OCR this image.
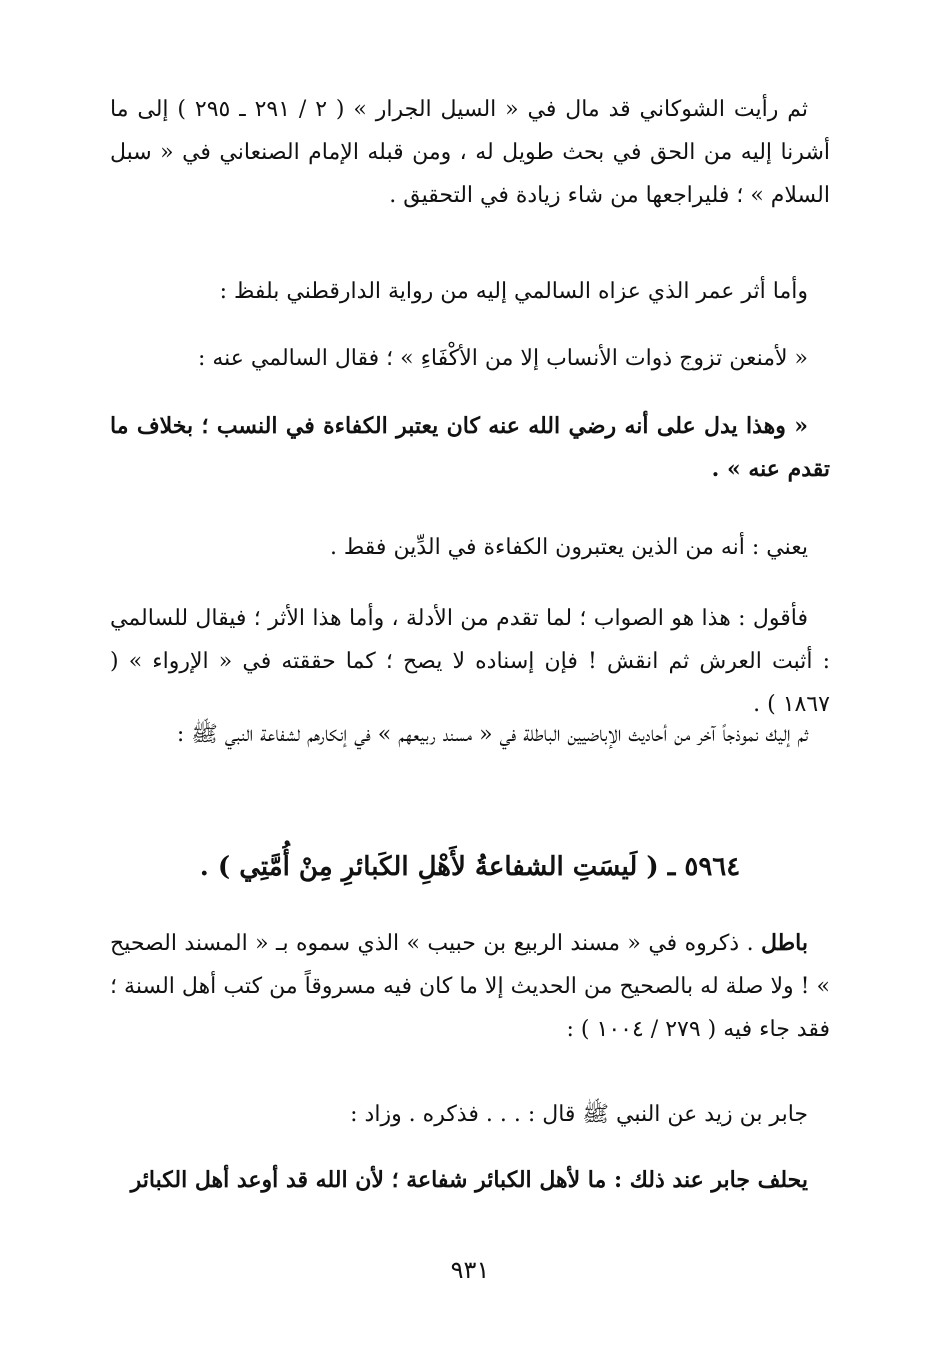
ثم رأيت الشوكاني قد مال في « السيل الجرار » ( ٢ / ٢٩١ ـ ٢٩٥ ) إلى ما أشرنا إليه من الحق في بحث طويل له ، ومن قبله الإمام الصنعاني في « سبل السلام » ؛ فليراجعها من شاء زيادة في التحقيق .

وأما أثر عمر الذي عزاه السالمي إليه من رواية الدارقطني بلفظ :

« لأمنعن تزوج ذوات الأنساب إلا من الأكْفَاءِ » ؛ فقال السالمي عنه :

« وهذا يدل على أنه رضي الله عنه كان يعتبر الكفاءة في النسب ؛ بخلاف ما تقدم عنه » .

يعني : أنه من الذين يعتبرون الكفاءة في الدِّين فقط .

فأقول : هذا هو الصواب ؛ لما تقدم من الأدلة ، وأما هذا الأثر ؛ فيقال للسالمي : أثبت العرش ثم انقش ! فإن إسناده لا يصح ؛ كما حققته في « الإرواء » ( ١٨٦٧ ) .

ثم إليك نموذجاً آخر من أحاديث الإباضيين الباطلة في « مسند ربيعهم » في إنكارهم لشفاعة النبي ﷺ :

٥٩٦٤ ـ ( لَيسَتِ الشفاعةُ لأَهْلِ الكَبائرِ مِنْ أُمَّتِي ) .

باطل . ذكروه في « مسند الربيع بن حبيب » الذي سموه بـ « المسند الصحيح » ! ولا صلة له بالصحيح من الحديث إلا ما كان فيه مسروقاً من كتب أهل السنة ؛ فقد جاء فيه ( ٢٧٩ / ١٠٠٤ ) :

جابر بن زيد عن النبي ﷺ قال : . . . فذكره . وزاد :

يحلف جابر عند ذلك : ما لأهل الكبائر شفاعة ؛ لأن الله قد أوعد أهل الكبائر

٩٣١
